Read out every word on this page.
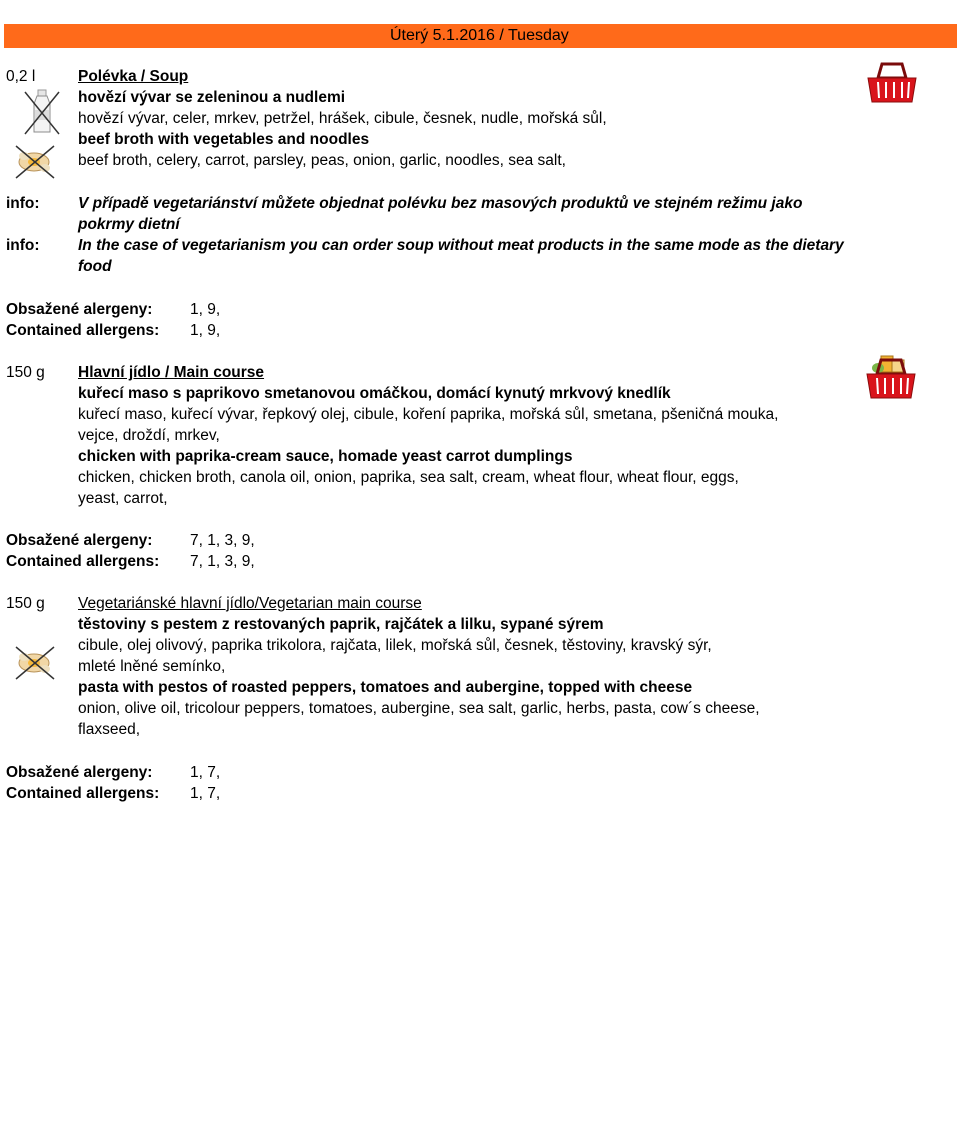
Úterý 5.1.2016 / Tuesday
0,2 l	Polévka / Soup
hovězí vývar se zeleninou a nudlemi
hovězí vývar, celer, mrkev, petržel, hrášek, cibule, česnek, nudle, mořská sůl,
beef broth with vegetables and noodles
beef broth, celery, carrot, parsley, peas, onion, garlic, noodles, sea salt,
info: V případě vegetariánství můžete objednat polévku bez masových produktů ve stejném režimu jako
pokrmy dietní
info: In the case of vegetarianism you can order soup without meat products in the same mode as the dietary
food
Obsažené alergeny: 1, 9,
Contained allergens: 1, 9,
150 g Hlavní jídlo / Main course
kuřecí maso s paprikovo smetanovou omáčkou, domácí kynutý mrkvový knedlík
kuřecí maso, kuřecí vývar, řepkový olej, cibule, koření paprika, mořská sůl, smetana, pšeničná mouka,
vejce, droždí, mrkev,
chicken with paprika-cream sauce, homade yeast carrot dumplings
chicken, chicken broth, canola oil, onion, paprika, sea salt, cream, wheat flour, wheat flour, eggs,
yeast, carrot,
Obsažené alergeny: 7, 1, 3, 9,
Contained allergens: 7, 1, 3, 9,
150 g Vegetariánské hlavní jídlo/Vegetarian main course
těstoviny s pestem z restovaných paprik, rajčátek a lilku, sypané sýrem
cibule, olej olivový, paprika trikolora, rajčata, lilek, mořská sůl, česnek, těstoviny, kravský sýr,
mleté lněné semínko,
pasta with pestos of roasted peppers, tomatoes and aubergine, topped with cheese
onion, olive oil, tricolour peppers, tomatoes, aubergine, sea salt, garlic, herbs, pasta, cow´s cheese,
flaxseed,
Obsažené alergeny: 1, 7,
Contained allergens: 1, 7,
